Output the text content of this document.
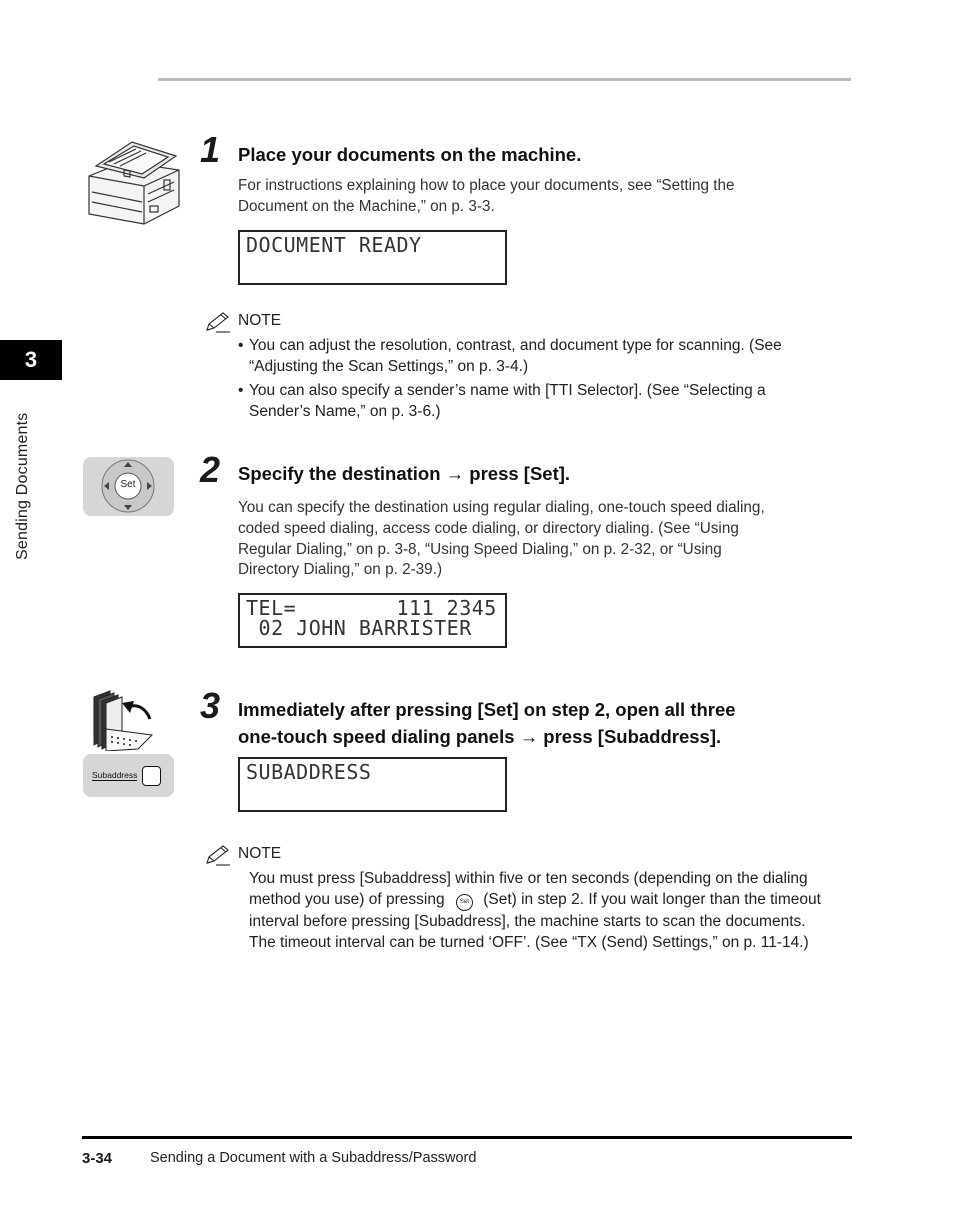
3
Sending Documents
1 Place your documents on the machine.
For instructions explaining how to place your documents, see “Setting the
Document on the Machine,” on p. 3-3.
DOCUMENT READY
NOTE
• You can adjust the resolution, contrast, and document type for scanning. (See
“Adjusting the Scan Settings,” on p. 3-4.)
• You can also specify a sender’s name with [TTI Selector]. (See “Selecting a
Sender’s Name,” on p. 3-6.)
Set 2 Specify the destination → press [Set].
You can specify the destination using regular dialing, one-touch speed dialing,
coded speed dialing, access code dialing, or directory dialing. (See “Using
Regular Dialing,” on p. 3-8, “Using Speed Dialing,” on p. 2-32, or “Using
Directory Dialing,” on p. 2-39.)
TEL=        111 2345
02 JOHN BARRISTER
Subaddress
3 Immediately after pressing [Set] on step 2, open all three
one-touch speed dialing panels → press [Subaddress].
SUBADDRESS
NOTE
You must press [Subaddress] within five or ten seconds (depending on the dialing
method you use) of pressing	Set (Set) in step 2. If you wait longer than the timeout
interval before pressing [Subaddress], the machine starts to scan the documents.
The timeout interval can be turned ‘OFF’. (See “TX (Send) Settings,” on p. 11-14.)
3-34	Sending a Document with a Subaddress/Password
